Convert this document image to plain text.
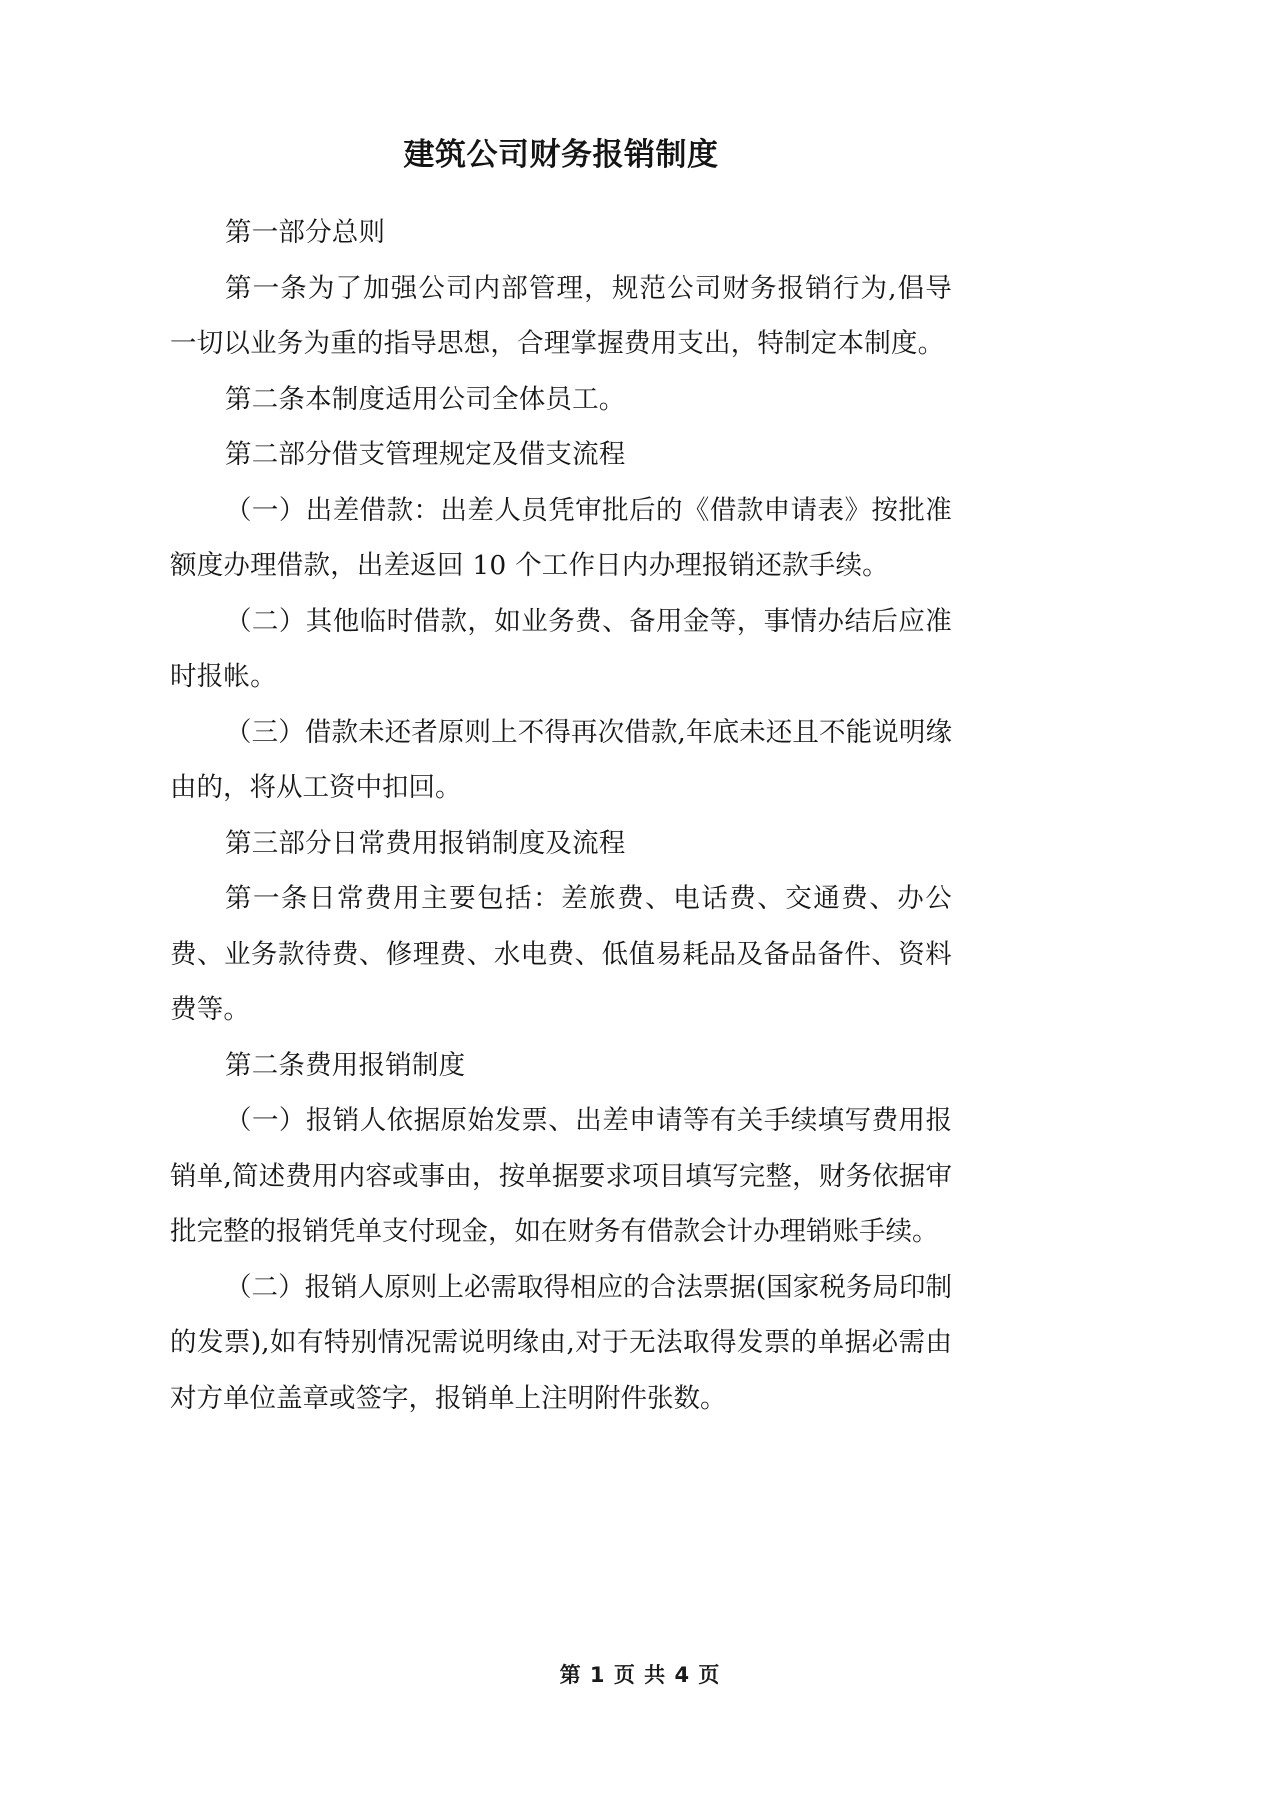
建筑公司财务报销制度

第一部分总则

第一条为了加强公司内部管理，规范公司财务报销行为,倡导一切以业务为重的指导思想，合理掌握费用支出，特制定本制度。

第二条本制度适用公司全体员工。

第二部分借支管理规定及借支流程

（一）出差借款：出差人员凭审批后的《借款申请表》按批准额度办理借款，出差返回 10 个工作日内办理报销还款手续。

（二）其他临时借款，如业务费、备用金等，事情办结后应准时报帐。

（三）借款未还者原则上不得再次借款,年底未还且不能说明缘由的，将从工资中扣回。

第三部分日常费用报销制度及流程

第一条日常费用主要包括：差旅费、电话费、交通费、办公费、业务款待费、修理费、水电费、低值易耗品及备品备件、资料费等。

第二条费用报销制度

（一）报销人依据原始发票、出差申请等有关手续填写费用报销单,简述费用内容或事由，按单据要求项目填写完整，财务依据审批完整的报销凭单支付现金，如在财务有借款会计办理销账手续。

（二）报销人原则上必需取得相应的合法票据(国家税务局印制的发票),如有特别情况需说明缘由,对于无法取得发票的单据必需由对方单位盖章或签字，报销单上注明附件张数。

第 1 页 共 4 页
